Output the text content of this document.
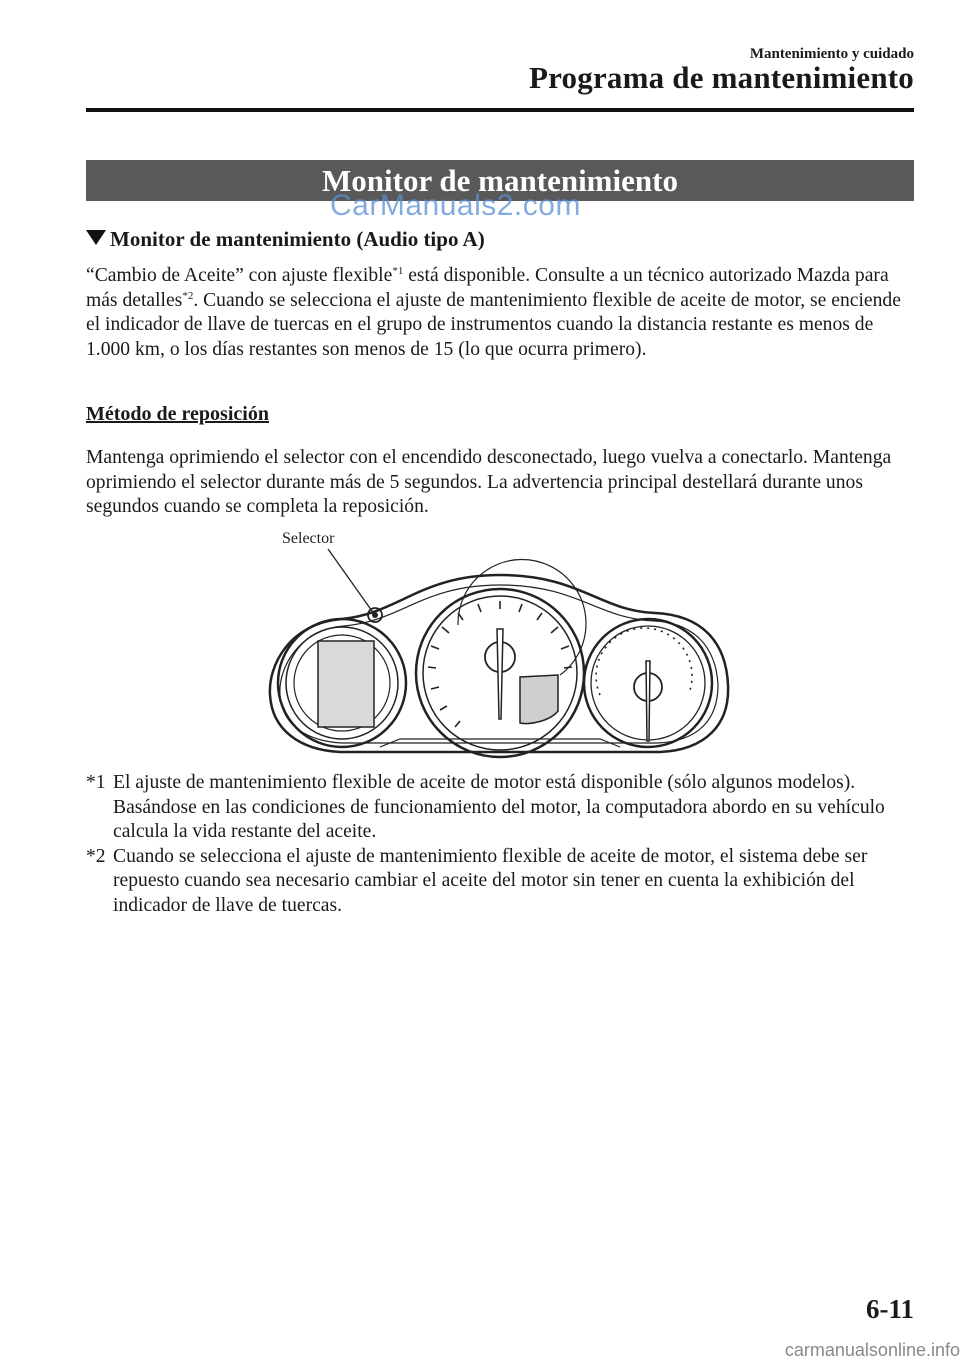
Mantenimiento y cuidado
Programa de mantenimiento
Monitor de mantenimiento
CarManuals2.com
Monitor de mantenimiento (Audio tipo A)

“Cambio de Aceite” con ajuste flexible$^{*1}$ está disponible. Consulte a un técnico autorizado Mazda para más detalles$^{*2}$. Cuando se selecciona el ajuste de mantenimiento flexible de aceite de motor, se enciende el indicador de llave de tuercas en el grupo de instrumentos cuando la distancia restante es menos de 1.000 km, o los días restantes son menos de 15 (lo que ocurra primero).

Método de reposición

Mantenga oprimiendo el selector con el encendido desconectado, luego vuelva a conectarlo. Mantenga oprimiendo el selector durante más de 5 segundos. La advertencia principal destellará durante unos segundos cuando se completa la reposición.

Selector
*1 El ajuste de mantenimiento flexible de aceite de motor está disponible (sólo algunos modelos). Basándose en las condiciones de funcionamiento del motor, la computadora abordo en su vehículo calcula la vida restante del aceite.
*2 Cuando se selecciona el ajuste de mantenimiento flexible de aceite de motor, el sistema debe ser repuesto cuando sea necesario cambiar el aceite del motor sin tener en cuenta la exhibición del indicador de llave de tuercas.
6-11
carmanualsonline.info
